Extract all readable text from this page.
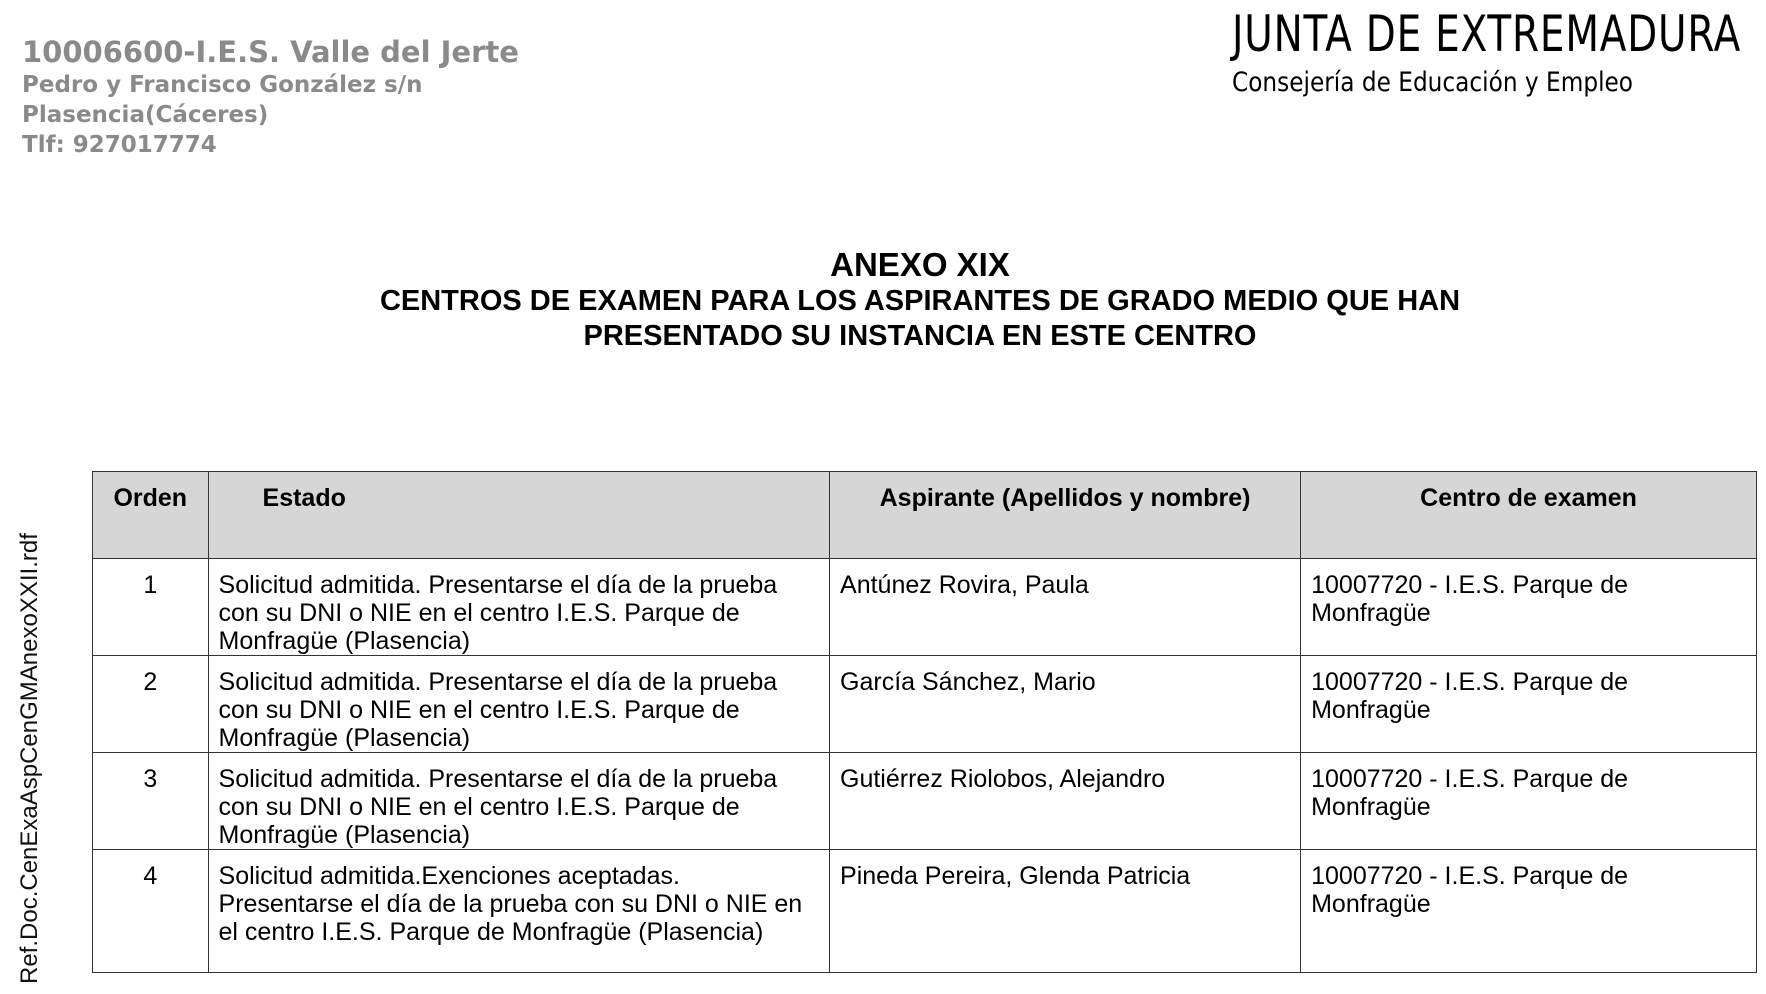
10006600-I.E.S. Valle del Jerte
Pedro y Francisco González s/n
Plasencia(Cáceres)
Tlf: 927017774
JUNTA DE EXTREMADURA
Consejería de Educación y Empleo
ANEXO XIX
CENTROS DE EXAMEN PARA LOS ASPIRANTES DE GRADO MEDIO QUE HAN
PRESENTADO SU INSTANCIA EN ESTE CENTRO
Ref.Doc.CenExaAspCenGMAnexoXXII.rdf
Orden	Estado	Aspirante (Apellidos y nombre)	Centro de examen
1	Solicitud admitida. Presentarse el día de la prueba con su DNI o NIE en el centro I.E.S. Parque de Monfragüe (Plasencia)	Antúnez Rovira, Paula	10007720 - I.E.S. Parque de Monfragüe
2	Solicitud admitida. Presentarse el día de la prueba con su DNI o NIE en el centro I.E.S. Parque de Monfragüe (Plasencia)	García Sánchez, Mario	10007720 - I.E.S. Parque de Monfragüe
3	Solicitud admitida. Presentarse el día de la prueba con su DNI o NIE en el centro I.E.S. Parque de Monfragüe (Plasencia)	Gutiérrez Riolobos, Alejandro	10007720 - I.E.S. Parque de Monfragüe
4	Solicitud admitida.Exenciones aceptadas. Presentarse el día de la prueba con su DNI o NIE en el centro I.E.S. Parque de Monfragüe (Plasencia)	Pineda Pereira, Glenda Patricia	10007720 - I.E.S. Parque de Monfragüe
